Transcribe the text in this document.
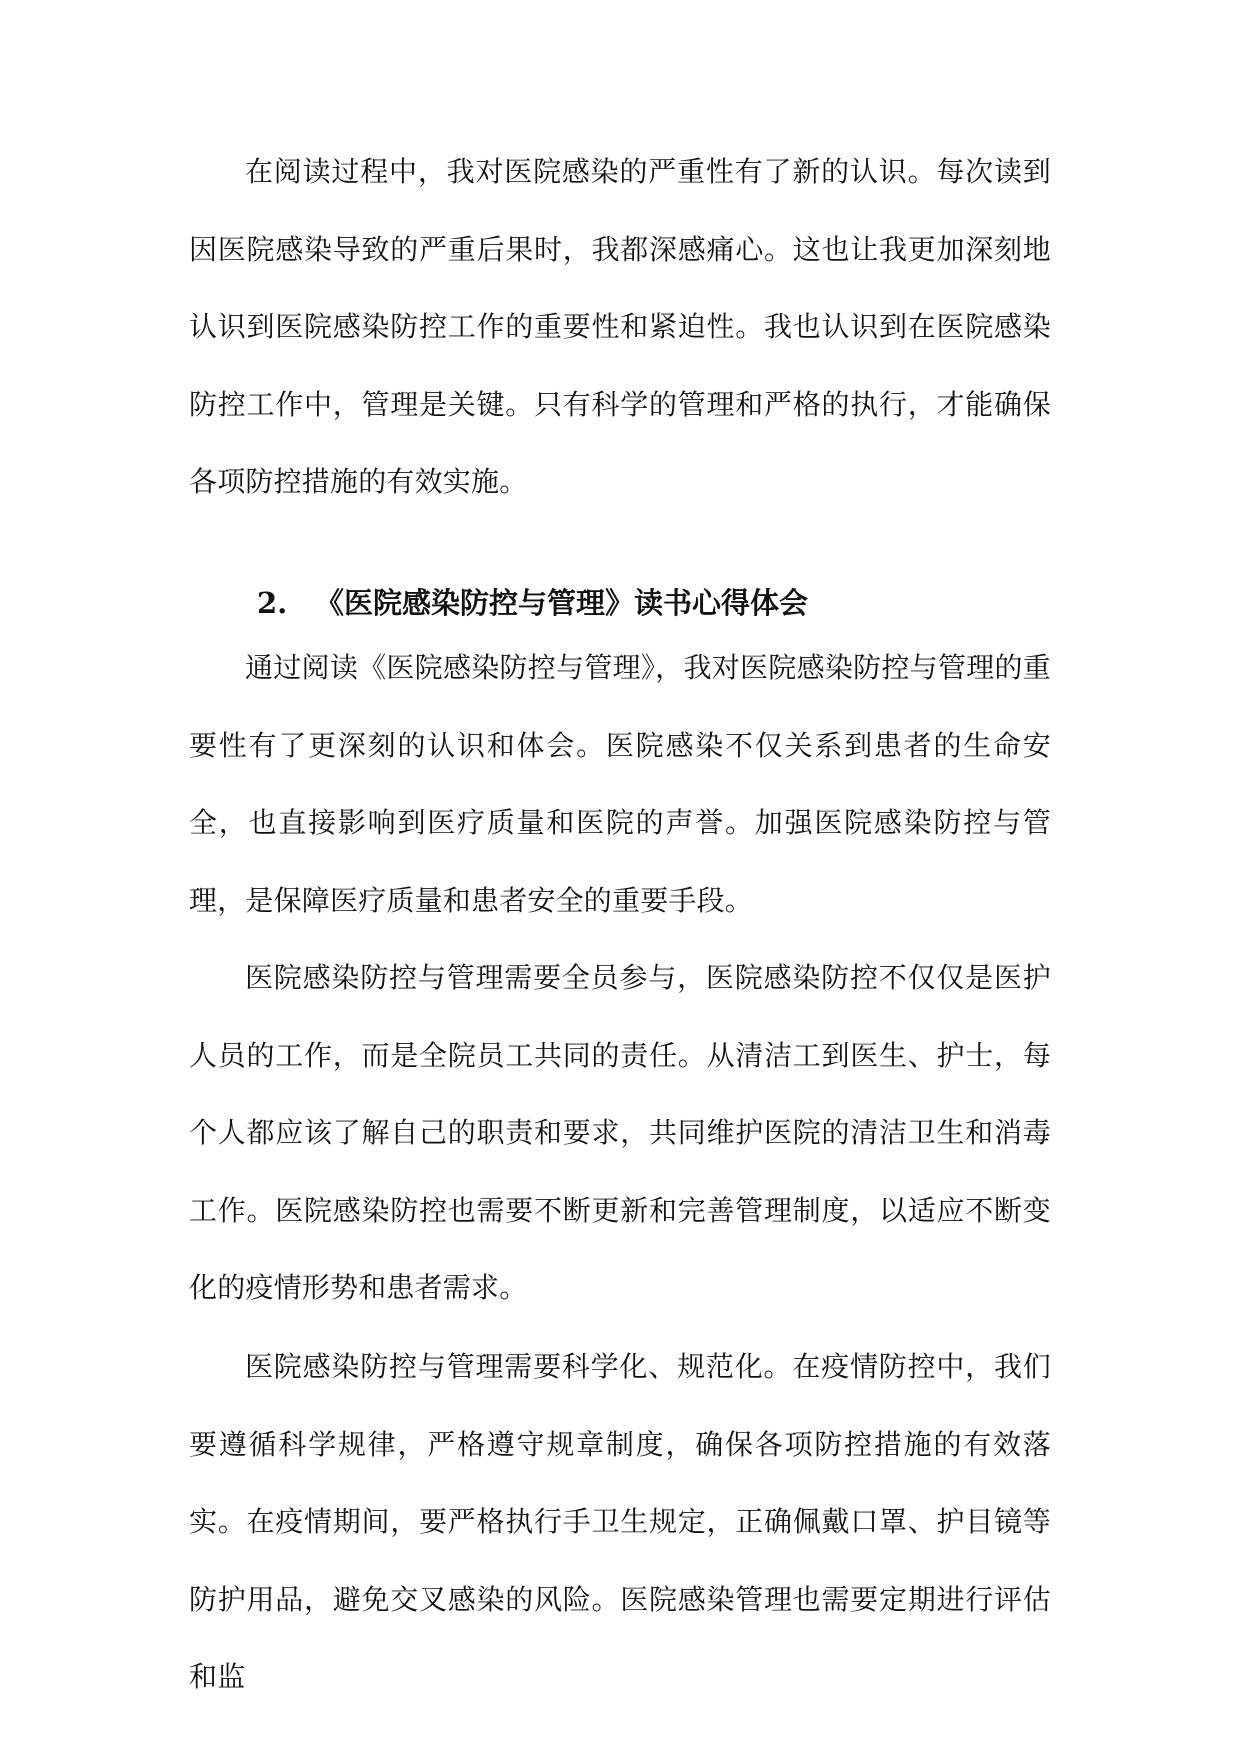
在阅读过程中，我对医院感染的严重性有了新的认识。每次读到因医院感染导致的严重后果时，我都深感痛心。这也让我更加深刻地认识到医院感染防控工作的重要性和紧迫性。我也认识到在医院感染防控工作中，管理是关键。只有科学的管理和严格的执行，才能确保各项防控措施的有效实施。

2. 《医院感染防控与管理》读书心得体会

通过阅读《医院感染防控与管理》，我对医院感染防控与管理的重要性有了更深刻的认识和体会。医院感染不仅关系到患者的生命安全，也直接影响到医疗质量和医院的声誉。加强医院感染防控与管理，是保障医疗质量和患者安全的重要手段。

医院感染防控与管理需要全员参与，医院感染防控不仅仅是医护人员的工作，而是全院员工共同的责任。从清洁工到医生、护士，每个人都应该了解自己的职责和要求，共同维护医院的清洁卫生和消毒工作。医院感染防控也需要不断更新和完善管理制度，以适应不断变化的疫情形势和患者需求。

医院感染防控与管理需要科学化、规范化。在疫情防控中，我们要遵循科学规律，严格遵守规章制度，确保各项防控措施的有效落实。在疫情期间，要严格执行手卫生规定，正确佩戴口罩、护目镜等防护用品，避免交叉感染的风险。医院感染管理也需要定期进行评估和监
